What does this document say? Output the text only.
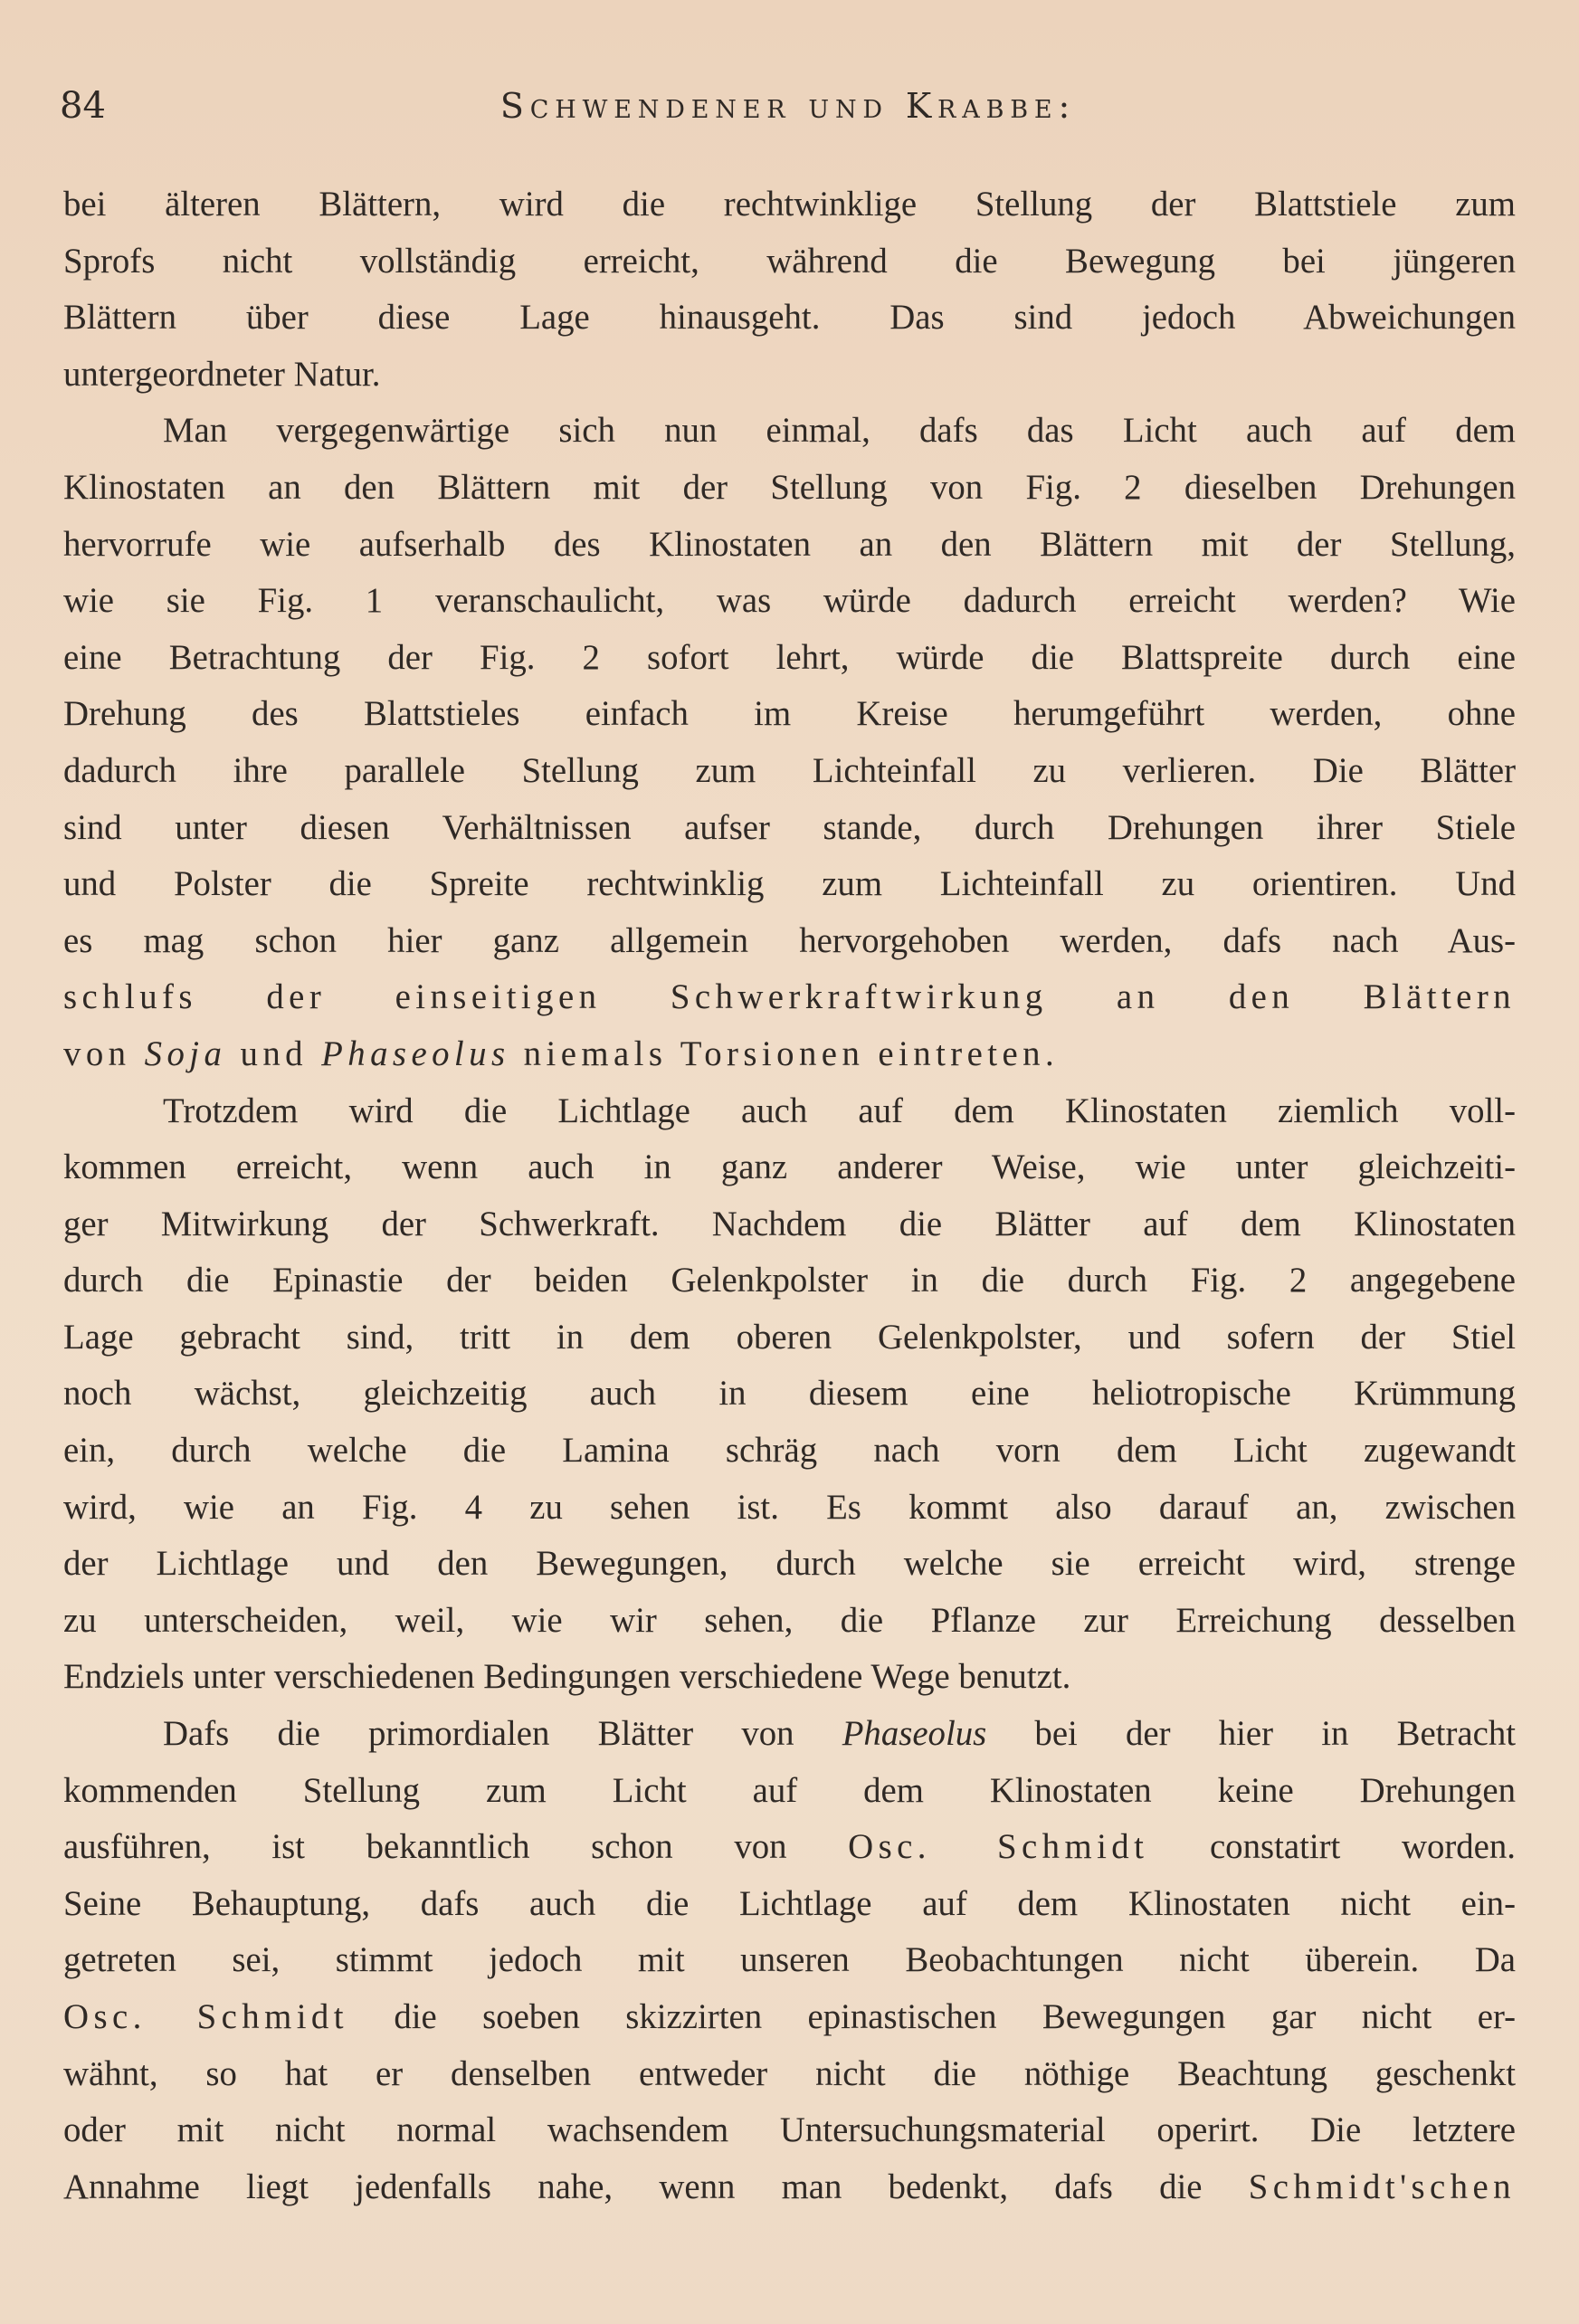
84	Schwendener und Krabbe:
bei älteren Blättern, wird die rechtwinklige Stellung der Blattstiele zum
Sprofs nicht vollständig erreicht, während die Bewegung bei jüngeren
Blättern über diese Lage hinausgeht. Das sind jedoch Abweichungen
untergeordneter Natur.
Man vergegenwärtige sich nun einmal, dafs das Licht auch auf dem
Klinostaten an den Blättern mit der Stellung von Fig. 2 dieselben Drehungen
hervorrufe wie aufserhalb des Klinostaten an den Blättern mit der Stellung,
wie sie Fig. 1 veranschaulicht, was würde dadurch erreicht werden? Wie
eine Betrachtung der Fig. 2 sofort lehrt, würde die Blattspreite durch eine
Drehung des Blattstieles einfach im Kreise herumgeführt werden, ohne
dadurch ihre parallele Stellung zum Lichteinfall zu verlieren. Die Blätter
sind unter diesen Verhältnissen aufser stande, durch Drehungen ihrer Stiele
und Polster die Spreite rechtwinklig zum Lichteinfall zu orientiren. Und
es mag schon hier ganz allgemein hervorgehoben werden, dafs nach Aus-
schlufs der einseitigen Schwerkraftwirkung an den Blättern
von Soja und Phaseolus niemals Torsionen eintreten.
Trotzdem wird die Lichtlage auch auf dem Klinostaten ziemlich voll-
kommen erreicht, wenn auch in ganz anderer Weise, wie unter gleichzeiti-
ger Mitwirkung der Schwerkraft. Nachdem die Blätter auf dem Klinostaten
durch die Epinastie der beiden Gelenkpolster in die durch Fig. 2 angegebene
Lage gebracht sind, tritt in dem oberen Gelenkpolster, und sofern der Stiel
noch wächst, gleichzeitig auch in diesem eine heliotropische Krümmung
ein, durch welche die Lamina schräg nach vorn dem Licht zugewandt
wird, wie an Fig. 4 zu sehen ist. Es kommt also darauf an, zwischen
der Lichtlage und den Bewegungen, durch welche sie erreicht wird, strenge
zu unterscheiden, weil, wie wir sehen, die Pflanze zur Erreichung desselben
Endziels unter verschiedenen Bedingungen verschiedene Wege benutzt.
Dafs die primordialen Blätter von Phaseolus bei der hier in Betracht
kommenden Stellung zum Licht auf dem Klinostaten keine Drehungen
ausführen, ist bekanntlich schon von Osc. Schmidt constatirt worden.
Seine Behauptung, dafs auch die Lichtlage auf dem Klinostaten nicht ein-
getreten sei, stimmt jedoch mit unseren Beobachtungen nicht überein. Da
Osc. Schmidt die soeben skizzirten epinastischen Bewegungen gar nicht er-
wähnt, so hat er denselben entweder nicht die nöthige Beachtung geschenkt
oder mit nicht normal wachsendem Untersuchungsmaterial operirt. Die letztere
Annahme liegt jedenfalls nahe, wenn man bedenkt, dafs die Schmidt'schen
